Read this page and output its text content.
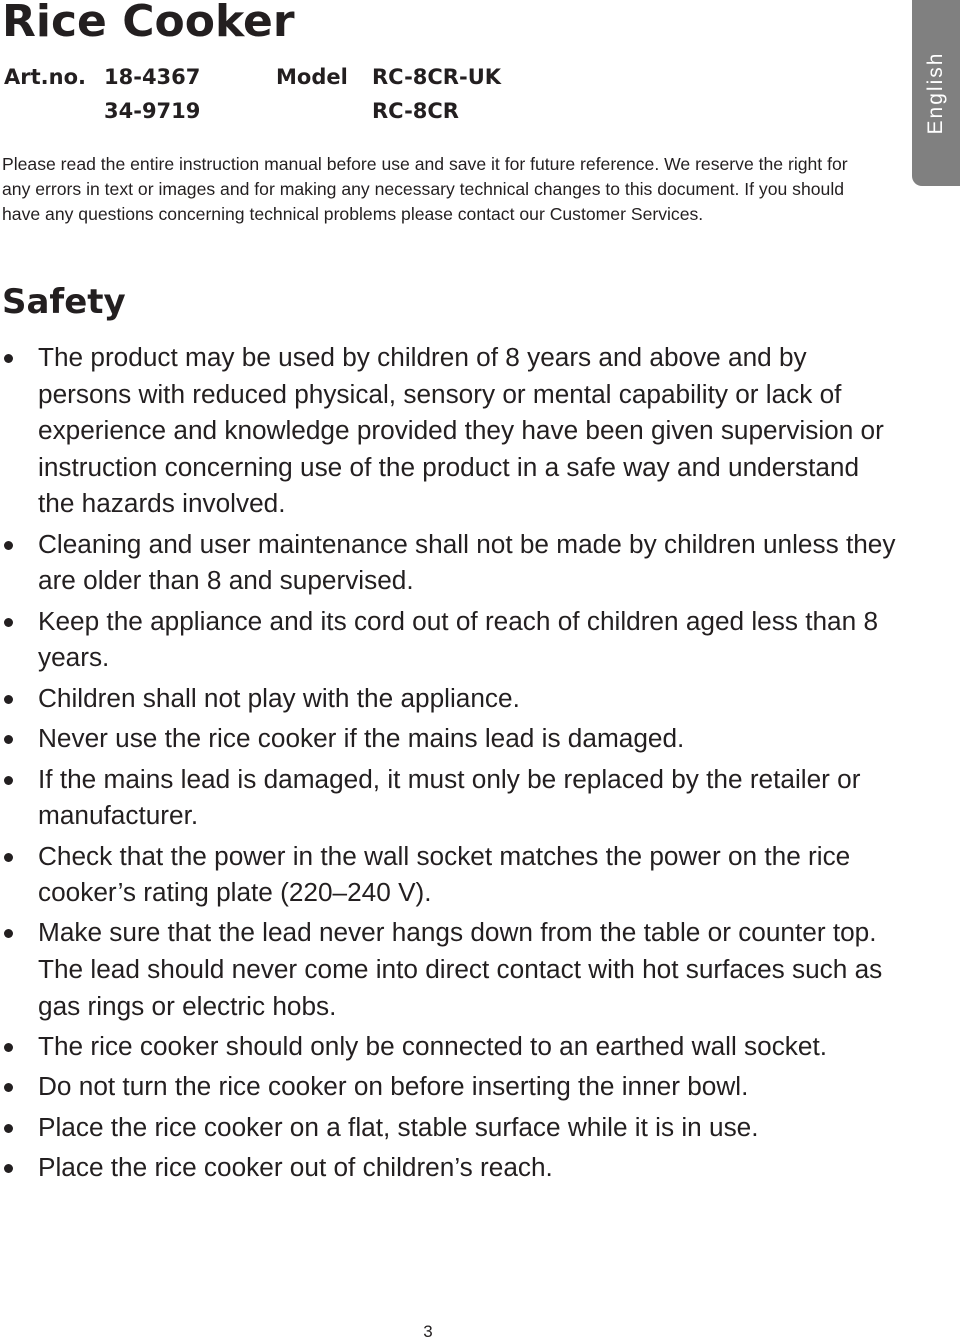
Rice Cooker
Art.no. 18-4367	Model RC-8CR-UK
34-9719	RC-8CR	English

Please read the entire instruction manual before use and save it for future reference. We reserve the right for any errors in text or images and for making any necessary technical changes to this document. If you should have any questions concerning technical problems please contact our Customer Services.

Safety
The product may be used by children of 8 years and above and by persons with reduced physical, sensory or mental capability or lack of experience and knowledge provided they have been given supervision or instruction concerning use of the product in a safe way and understand the hazards involved.
Cleaning and user maintenance shall not be made by children unless they are older than 8 and supervised.
Keep the appliance and its cord out of reach of children aged less than 8 years.
Children shall not play with the appliance.
Never use the rice cooker if the mains lead is damaged.
If the mains lead is damaged, it must only be replaced by the retailer or manufacturer.
Check that the power in the wall socket matches the power on the rice cooker’s rating plate (220–240 V).
Make sure that the lead never hangs down from the table or counter top. The lead should never come into direct contact with hot surfaces such as gas rings or electric hobs.
The rice cooker should only be connected to an earthed wall socket.
Do not turn the rice cooker on before inserting the inner bowl.
Place the rice cooker on a flat, stable surface while it is in use.
Place the rice cooker out of children’s reach.
3
